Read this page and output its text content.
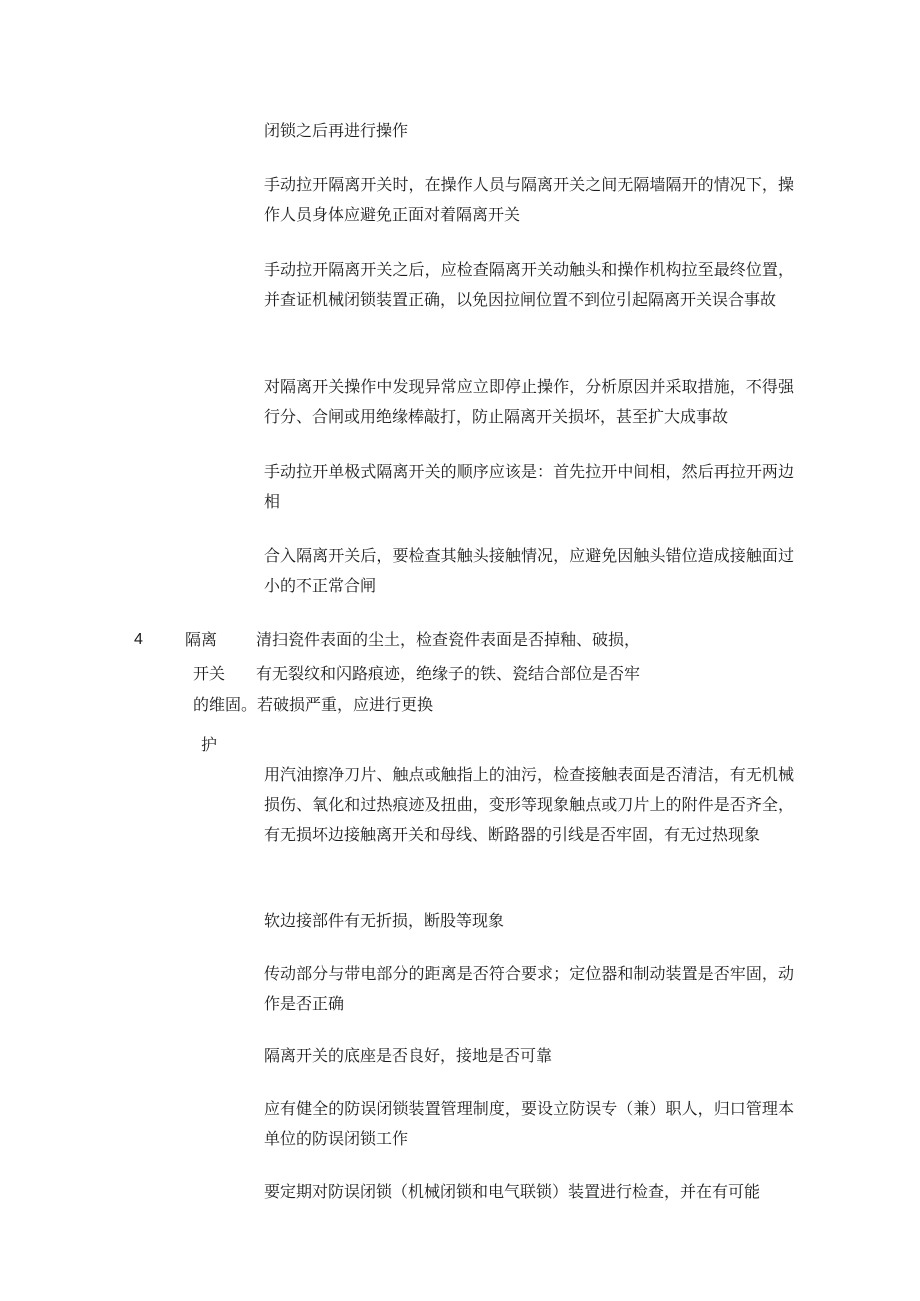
闭锁之后再进行操作

手动拉开隔离开关时，在操作人员与隔离开关之间无隔墙隔开的情况下，操作人员身体应避免正面对着隔离开关

手动拉开隔离开关之后，应检查隔离开关动触头和操作机构拉至最终位置，并查证机械闭锁装置正确，以免因拉闸位置不到位引起隔离开关误合事故

对隔离开关操作中发现异常应立即停止操作，分析原因并采取措施，不得强行分、合闸或用绝缘棒敲打，防止隔离开关损坏，甚至扩大成事故

手动拉开单极式隔离开关的顺序应该是：首先拉开中间相，然后再拉开两边相

合入隔离开关后，要检查其触头接触情况，应避免因触头错位造成接触面过小的不正常合闸

4	隔离 清扫瓷件表面的尘土，检查瓷件表面是否掉釉、破损，
开关 有无裂纹和闪路痕迹，绝缘子的铁、瓷结合部位是否牢
的维 固。若破损严重，应进行更换
护

用汽油擦净刀片、触点或触指上的油污，检查接触表面是否清洁，有无机械损伤、氧化和过热痕迹及扭曲，变形等现象触点或刀片上的附件是否齐全，有无损坏边接触离开关和母线、断路器的引线是否牢固，有无过热现象

软边接部件有无折损，断股等现象

传动部分与带电部分的距离是否符合要求；定位器和制动装置是否牢固，动作是否正确

隔离开关的底座是否良好，接地是否可靠

应有健全的防误闭锁装置管理制度，要设立防误专（兼）职人，归口管理本单位的防误闭锁工作

要定期对防误闭锁（机械闭锁和电气联锁）装置进行检查，并在有可能
